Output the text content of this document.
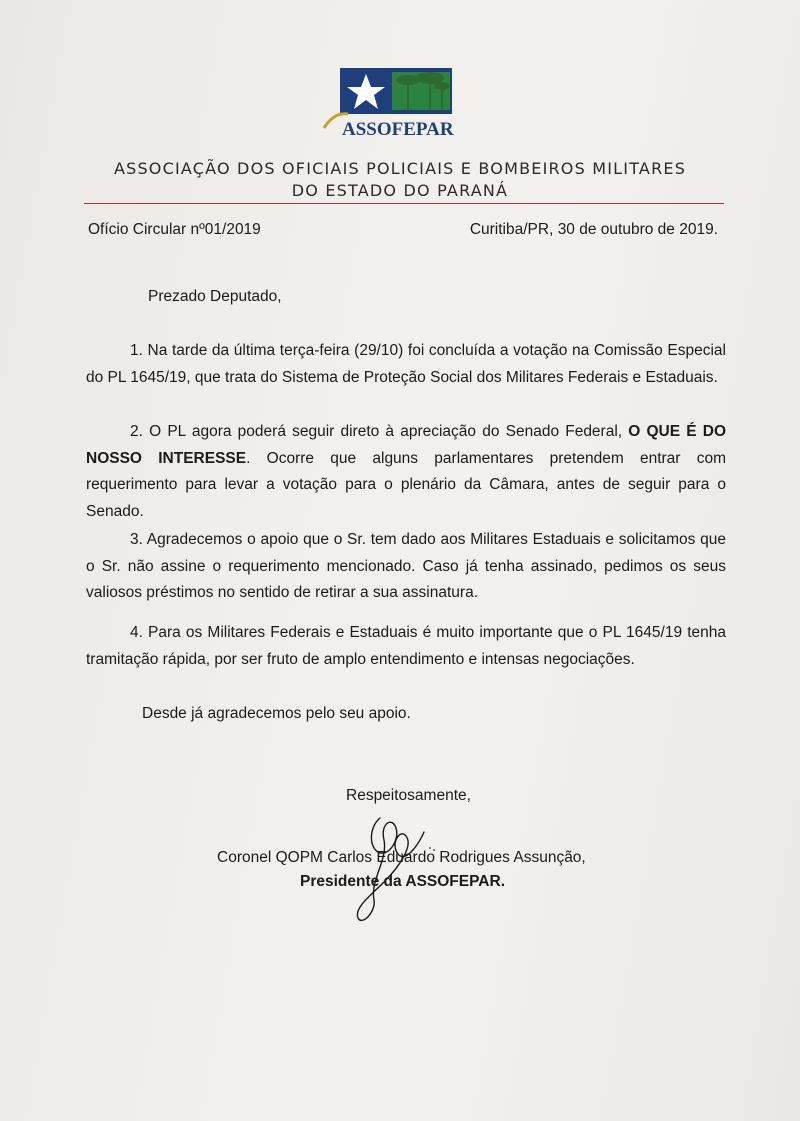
ASSOFEPAR
ASSOCIAÇÃO DOS OFICIAIS POLICIAIS E BOMBEIROS MILITARES
DO ESTADO DO PARANÁ
Ofício Circular nº01/2019	Curitiba/PR, 30 de outubro de 2019.
Prezado Deputado,
1. Na tarde da última terça-feira (29/10) foi concluída a votação na Comissão Especial do PL 1645/19, que trata do Sistema de Proteção Social dos Militares Federais e Estaduais.
2. O PL agora poderá seguir direto à apreciação do Senado Federal, O QUE É DO NOSSO INTERESSE. Ocorre que alguns parlamentares pretendem entrar com requerimento para levar a votação para o plenário da Câmara, antes de seguir para o Senado.
3. Agradecemos o apoio que o Sr. tem dado aos Militares Estaduais e solicitamos que o Sr. não assine o requerimento mencionado. Caso já tenha assinado, pedimos os seus valiosos préstimos no sentido de retirar a sua assinatura.
4. Para os Militares Federais e Estaduais é muito importante que o PL 1645/19 tenha tramitação rápida, por ser fruto de amplo entendimento e intensas negociações.
Desde já agradecemos pelo seu apoio.
Respeitosamente,
Coronel QOPM Carlos Eduardo Rodrigues Assunção,
Presidente da ASSOFEPAR.
